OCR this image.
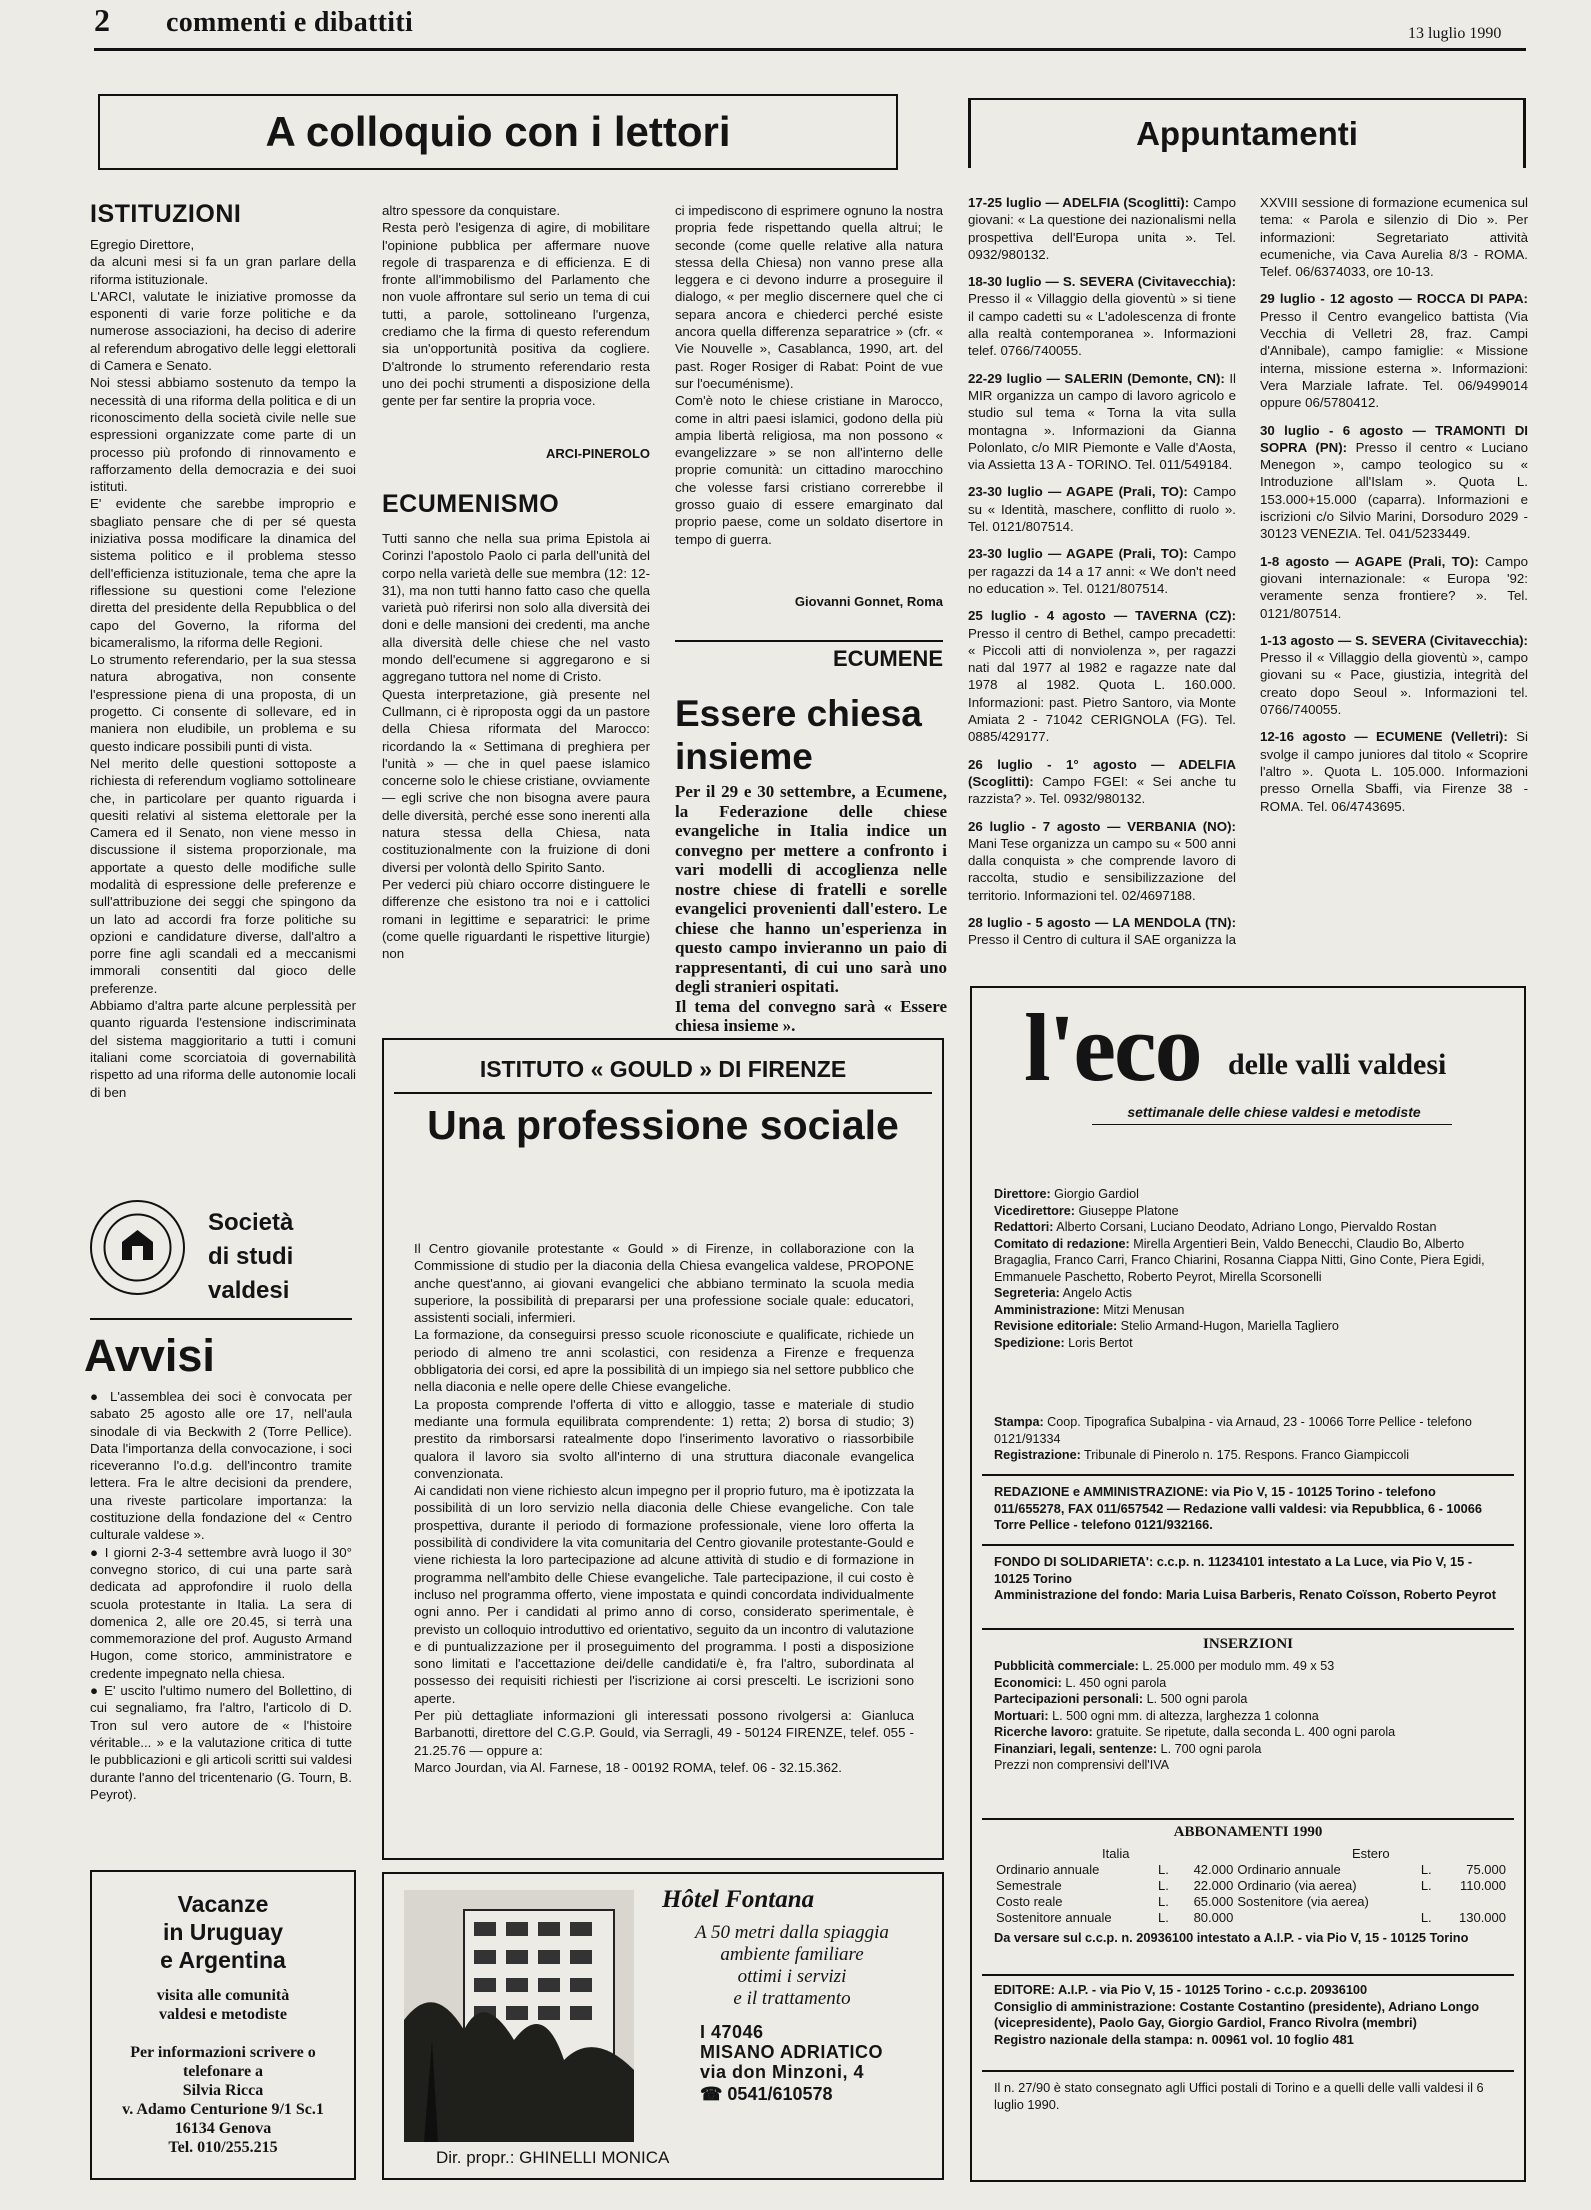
2 commenti e dibattiti	13 luglio 1990
A colloquio con i lettori
ISTITUZIONI
Egregio Direttore,
da alcuni mesi si fa un gran parlare della riforma istituzionale.
L'ARCI, valutate le iniziative promosse da esponenti di varie forze politiche e da numerose associazioni, ha deciso di aderire al referendum abrogativo delle leggi elettorali di Camera e Senato.
Noi stessi abbiamo sostenuto da tempo la necessità di una riforma della politica e di un riconoscimento della società civile nelle sue espressioni organizzate come parte di un processo più profondo di rinnovamento e rafforzamento della democrazia e dei suoi istituti.
E' evidente che sarebbe improprio e sbagliato pensare che di per sé questa iniziativa possa modificare la dinamica del sistema politico e il problema stesso dell'efficienza istituzionale, tema che apre la riflessione su questioni come l'elezione diretta del presidente della Repubblica o del capo del Governo, la riforma del bicameralismo, la riforma delle Regioni.
Lo strumento referendario, per la sua stessa natura abrogativa, non consente l'espressione piena di una proposta, di un progetto. Ci consente di sollevare, ed in maniera non eludibile, un problema e su questo indicare possibili punti di vista.
Nel merito delle questioni sottoposte a richiesta di referendum vogliamo sottolineare che, in particolare per quanto riguarda i quesiti relativi al sistema elettorale per la Camera ed il Senato, non viene messo in discussione il sistema proporzionale, ma apportate a questo delle modifiche sulle modalità di espressione delle preferenze e sull'attribuzione dei seggi che spingono da un lato ad accordi fra forze politiche su opzioni e candidature diverse, dall'altro a porre fine agli scandali ed a meccanismi immorali consentiti dal gioco delle preferenze.
Abbiamo d'altra parte alcune perplessità per quanto riguarda l'estensione indiscriminata del sistema maggioritario a tutti i comuni italiani come scorciatoia di governabilità rispetto ad una riforma delle autonomie locali di ben
altro spessore da conquistare.
Resta però l'esigenza di agire, di mobilitare l'opinione pubblica per affermare nuove regole di trasparenza e di efficienza. E di fronte all'immobilismo del Parlamento che non vuole affrontare sul serio un tema di cui tutti, a parole, sottolineano l'urgenza, crediamo che la firma di questo referendum sia un'opportunità positiva da cogliere. D'altronde lo strumento referendario resta uno dei pochi strumenti a disposizione della gente per far sentire la propria voce.
ARCI-PINEROLO
ECUMENISMO
Tutti sanno che nella sua prima Epistola ai Corinzi l'apostolo Paolo ci parla dell'unità del corpo nella varietà delle sue membra (12: 12-31), ma non tutti hanno fatto caso che quella varietà può riferirsi non solo alla diversità dei doni e delle mansioni dei credenti, ma anche alla diversità delle chiese che nel vasto mondo dell'ecumene si aggregarono e si aggregano tuttora nel nome di Cristo.
Questa interpretazione, già presente nel Cullmann, ci è riproposta oggi da un pastore della Chiesa riformata del Marocco: ricordando la « Settimana di preghiera per l'unità » — che in quel paese islamico concerne solo le chiese cristiane, ovviamente — egli scrive che non bisogna avere paura delle diversità, perché esse sono inerenti alla natura stessa della Chiesa, nata costituzionalmente con la fruizione di doni diversi per volontà dello Spirito Santo.
Per vederci più chiaro occorre distinguere le differenze che esistono tra noi e i cattolici romani in legittime e separatrici: le prime (come quelle riguardanti le rispettive liturgie) non
ci impediscono di esprimere ognuno la nostra propria fede rispettando quella altrui; le seconde (come quelle relative alla natura stessa della Chiesa) non vanno prese alla leggera e ci devono indurre a proseguire il dialogo, « per meglio discernere quel che ci separa ancora e chiederci perché esiste ancora quella differenza separatrice » (cfr. « Vie Nouvelle », Casablanca, 1990, art. del past. Roger Rosiger di Rabat: Point de vue sur l'oecuménisme).
Com'è noto le chiese cristiane in Marocco, come in altri paesi islamici, godono della più ampia libertà religiosa, ma non possono « evangelizzare » se non all'interno delle proprie comunità: un cittadino marocchino che volesse farsi cristiano correrebbe il grosso guaio di essere emarginato dal proprio paese, come un soldato disertore in tempo di guerra.
Giovanni Gonnet, Roma
ECUMENE
Essere chiesa insieme
Per il 29 e 30 settembre, a Ecumene, la Federazione delle chiese evangeliche in Italia indice un convegno per mettere a confronto i vari modelli di accoglienza nelle nostre chiese di fratelli e sorelle evangelici provenienti dall'estero. Le chiese che hanno un'esperienza in questo campo invieranno un paio di rappresentanti, di cui uno sarà uno degli stranieri ospitati.
Il tema del convegno sarà « Essere chiesa insieme ».
Appuntamenti

17-25 luglio — ADELFIA (Scoglitti): Campo giovani: « La questione dei nazionalismi nella prospettiva dell'Europa unita ». Tel. 0932/980132.

18-30 luglio — S. SEVERA (Civitavecchia): Presso il « Villaggio della gioventù » si tiene il campo cadetti su « L'adolescenza di fronte alla realtà contemporanea ». Informazioni telef. 0766/740055.

22-29 luglio — SALERIN (Demonte, CN): Il MIR organizza un campo di lavoro agricolo e studio sul tema « Torna la vita sulla montagna ». Informazioni da Gianna Polonlato, c/o MIR Piemonte e Valle d'Aosta, via Assietta 13 A - TORINO. Tel. 011/549184.

23-30 luglio — AGAPE (Prali, TO): Campo su « Identità, maschere, conflitto di ruolo ». Tel. 0121/807514.

23-30 luglio — AGAPE (Prali, TO): Campo per ragazzi da 14 a 17 anni: « We don't need no education ». Tel. 0121/807514.

25 luglio - 4 agosto — TAVERNA (CZ): Presso il centro di Bethel, campo precadetti: « Piccoli atti di nonviolenza », per ragazzi nati dal 1977 al 1982 e ragazze nate dal 1978 al 1982. Quota L. 160.000. Informazioni: past. Pietro Santoro, via Monte Amiata 2 - 71042 CERIGNOLA (FG). Tel. 0885/429177.

26 luglio - 1° agosto — ADELFIA (Scoglitti): Campo FGEI: « Sei anche tu razzista? ». Tel. 0932/980132.

26 luglio - 7 agosto — VERBANIA (NO): Mani Tese organizza un campo su « 500 anni dalla conquista » che comprende lavoro di raccolta, studio e sensibilizzazione del territorio. Informazioni tel. 02/4697188.

28 luglio - 5 agosto — LA MENDOLA (TN): Presso il Centro di cultura il SAE organizza la XXVIII sessione di formazione ecumenica sul tema: « Parola e silenzio di Dio ». Per informazioni: Segretariato attività ecumeniche, via Cava Aurelia 8/3 - ROMA. Telef. 06/6374033, ore 10-13.

29 luglio - 12 agosto — ROCCA DI PAPA: Presso il Centro evangelico battista (Via Vecchia di Velletri 28, fraz. Campi d'Annibale), campo famiglie: « Missione interna, missione esterna ». Informazioni: Vera Marziale Iafrate. Tel. 06/9499014 oppure 06/5780412.

30 luglio - 6 agosto — TRAMONTI DI SOPRA (PN): Presso il centro « Luciano Menegon », campo teologico su « Introduzione all'Islam ». Quota L. 153.000+15.000 (caparra). Informazioni e iscrizioni c/o Silvio Marini, Dorsoduro 2029 - 30123 VENEZIA. Tel. 041/5233449.

1-8 agosto — AGAPE (Prali, TO): Campo giovani internazionale: « Europa '92: veramente senza frontiere? ». Tel. 0121/807514.

1-13 agosto — S. SEVERA (Civitavecchia): Presso il « Villaggio della gioventù », campo giovani su « Pace, giustizia, integrità del creato dopo Seoul ». Informazioni tel. 0766/740055.

12-16 agosto — ECUMENE (Velletri): Si svolge il campo juniores dal titolo « Scoprire l'altro ». Quota L. 105.000. Informazioni presso Ornella Sbaffi, via Firenze 38 - ROMA. Tel. 06/4743695.

Società
di studi
valdesi
Avvisi
● L'assemblea dei soci è convocata per sabato 25 agosto alle ore 17, nell'aula sinodale di via Beckwith 2 (Torre Pellice). Data l'importanza della convocazione, i soci riceveranno l'o.d.g. dell'incontro tramite lettera. Fra le altre decisioni da prendere, una riveste particolare importanza: la costituzione della fondazione del « Centro culturale valdese ».
● I giorni 2-3-4 settembre avrà luogo il 30° convegno storico, di cui una parte sarà dedicata ad approfondire il ruolo della scuola protestante in Italia. La sera di domenica 2, alle ore 20.45, si terrà una commemorazione del prof. Augusto Armand Hugon, come storico, amministratore e credente impegnato nella chiesa.
● E' uscito l'ultimo numero del Bollettino, di cui segnaliamo, fra l'altro, l'articolo di D. Tron sul vero autore de « l'histoire véritable... » e la valutazione critica di tutte le pubblicazioni e gli articoli scritti sui valdesi durante l'anno del tricentenario (G. Tourn, B. Peyrot).
ISTITUTO « GOULD » DI FIRENZE
Una professione sociale
Il Centro giovanile protestante « Gould » di Firenze, in collaborazione con la Commissione di studio per la diaconia della Chiesa evangelica valdese, PROPONE anche quest'anno, ai giovani evangelici che abbiano terminato la scuola media superiore, la possibilità di prepararsi per una professione sociale quale: educatori, assistenti sociali, infermieri.
La formazione, da conseguirsi presso scuole riconosciute e qualificate, richiede un periodo di almeno tre anni scolastici, con residenza a Firenze e frequenza obbligatoria dei corsi, ed apre la possibilità di un impiego sia nel settore pubblico che nella diaconia e nelle opere delle Chiese evangeliche.
La proposta comprende l'offerta di vitto e alloggio, tasse e materiale di studio mediante una formula equilibrata comprendente: 1) retta; 2) borsa di studio; 3) prestito da rimborsarsi ratealmente dopo l'inserimento lavorativo o riassorbibile qualora il lavoro sia svolto all'interno di una struttura diaconale evangelica convenzionata.
Ai candidati non viene richiesto alcun impegno per il proprio futuro, ma è ipotizzata la possibilità di un loro servizio nella diaconia delle Chiese evangeliche. Con tale prospettiva, durante il periodo di formazione professionale, viene loro offerta la possibilità di condividere la vita comunitaria del Centro giovanile protestante-Gould e viene richiesta la loro partecipazione ad alcune attività di studio e di formazione in programma nell'ambito delle Chiese evangeliche. Tale partecipazione, il cui costo è incluso nel programma offerto, viene impostata e quindi concordata individualmente ogni anno. Per i candidati al primo anno di corso, considerato sperimentale, è previsto un colloquio introduttivo ed orientativo, seguito da un incontro di valutazione e di puntualizzazione per il proseguimento del programma. I posti a disposizione sono limitati e l'accettazione dei/delle candidati/e è, fra l'altro, subordinata al possesso dei requisiti richiesti per l'iscrizione ai corsi prescelti. Le iscrizioni sono aperte.
Per più dettagliate informazioni gli interessati possono rivolgersi a: Gianluca Barbanotti, direttore del C.G.P. Gould, via Serragli, 49 - 50124 FIRENZE, telef. 055 - 21.25.76 — oppure a:
Marco Jourdan, via Al. Farnese, 18 - 00192 ROMA, telef. 06 - 32.15.362.
Vacanze
in Uruguay
e Argentina
visita alle comunità
valdesi e metodiste

Per informazioni scrivere o
telefonare a
Silvia Ricca
v. Adamo Centurione 9/1 Sc.1
16134 Genova
Tel. 010/255.215
Hôtel Fontana
A 50 metri dalla spiaggia
ambiente familiare
ottimi i servizi
e il trattamento
I 47046
MISANO ADRIATICO
via don Minzoni, 4
☎ 0541/610578
Dir. propr.: GHINELLI MONICA
l'eco delle valli valdesi
settimanale delle chiese valdesi e metodiste

Direttore: Giorgio Gardiol

Vicedirettore: Giuseppe Platone

Redattori: Alberto Corsani, Luciano Deodato, Adriano Longo, Piervaldo Rostan

Comitato di redazione: Mirella Argentieri Bein, Valdo Benecchi, Claudio Bo, Alberto Bragaglia, Franco Carri, Franco Chiarini, Rosanna Ciappa Nitti, Gino Conte, Piera Egidi, Emmanuele Paschetto, Roberto Peyrot, Mirella Scorsonelli

Segreteria: Angelo Actis

Amministrazione: Mitzi Menusan

Revisione editoriale: Stelio Armand-Hugon, Mariella Tagliero

Spedizione: Loris Bertot

Stampa: Coop. Tipografica Subalpina - via Arnaud, 23 - 10066 Torre Pellice - telefono 0121/91334

Registrazione: Tribunale di Pinerolo n. 175. Respons. Franco Giampiccoli

REDAZIONE e AMMINISTRAZIONE: via Pio V, 15 - 10125 Torino - telefono 011/655278, FAX 011/657542 — Redazione valli valdesi: via Repubblica, 6 - 10066 Torre Pellice - telefono 0121/932166.
FONDO DI SOLIDARIETA': c.c.p. n. 11234101 intestato a La Luce, via Pio V, 15 - 10125 Torino
Amministrazione del fondo: Maria Luisa Barberis, Renato Coïsson, Roberto Peyrot
INSERZIONI

Pubblicità commerciale: L. 25.000 per modulo mm. 49 x 53

Economici: L. 450 ogni parola

Partecipazioni personali: L. 500 ogni parola

Mortuari: L. 500 ogni mm. di altezza, larghezza 1 colonna

Ricerche lavoro: gratuite. Se ripetute, dalla seconda L. 400 ogni parola

Finanziari, legali, sentenze: L. 700 ogni parola

Prezzi non comprensivi dell'IVA

ABBONAMENTI 1990
Italia	Estero
Ordinario annuale	L.	42.000	Ordinario annuale	L.	75.000
Semestrale	L.	22.000	Ordinario (via aerea)	L.	110.000
Costo reale	L.	65.000	Sostenitore (via aerea)		
Sostenitore annuale	L.	80.000		L.	130.000
Da versare sul c.c.p. n. 20936100 intestato a A.I.P. - via Pio V, 15 - 10125 Torino
EDITORE: A.I.P. - via Pio V, 15 - 10125 Torino - c.c.p. 20936100
Consiglio di amministrazione: Costante Costantino (presidente), Adriano Longo (vicepresidente), Paolo Gay, Giorgio Gardiol, Franco Rivolra (membri)
Registro nazionale della stampa: n. 00961 vol. 10 foglio 481
Il n. 27/90 è stato consegnato agli Uffici postali di Torino e a quelli delle valli valdesi il 6 luglio 1990.
